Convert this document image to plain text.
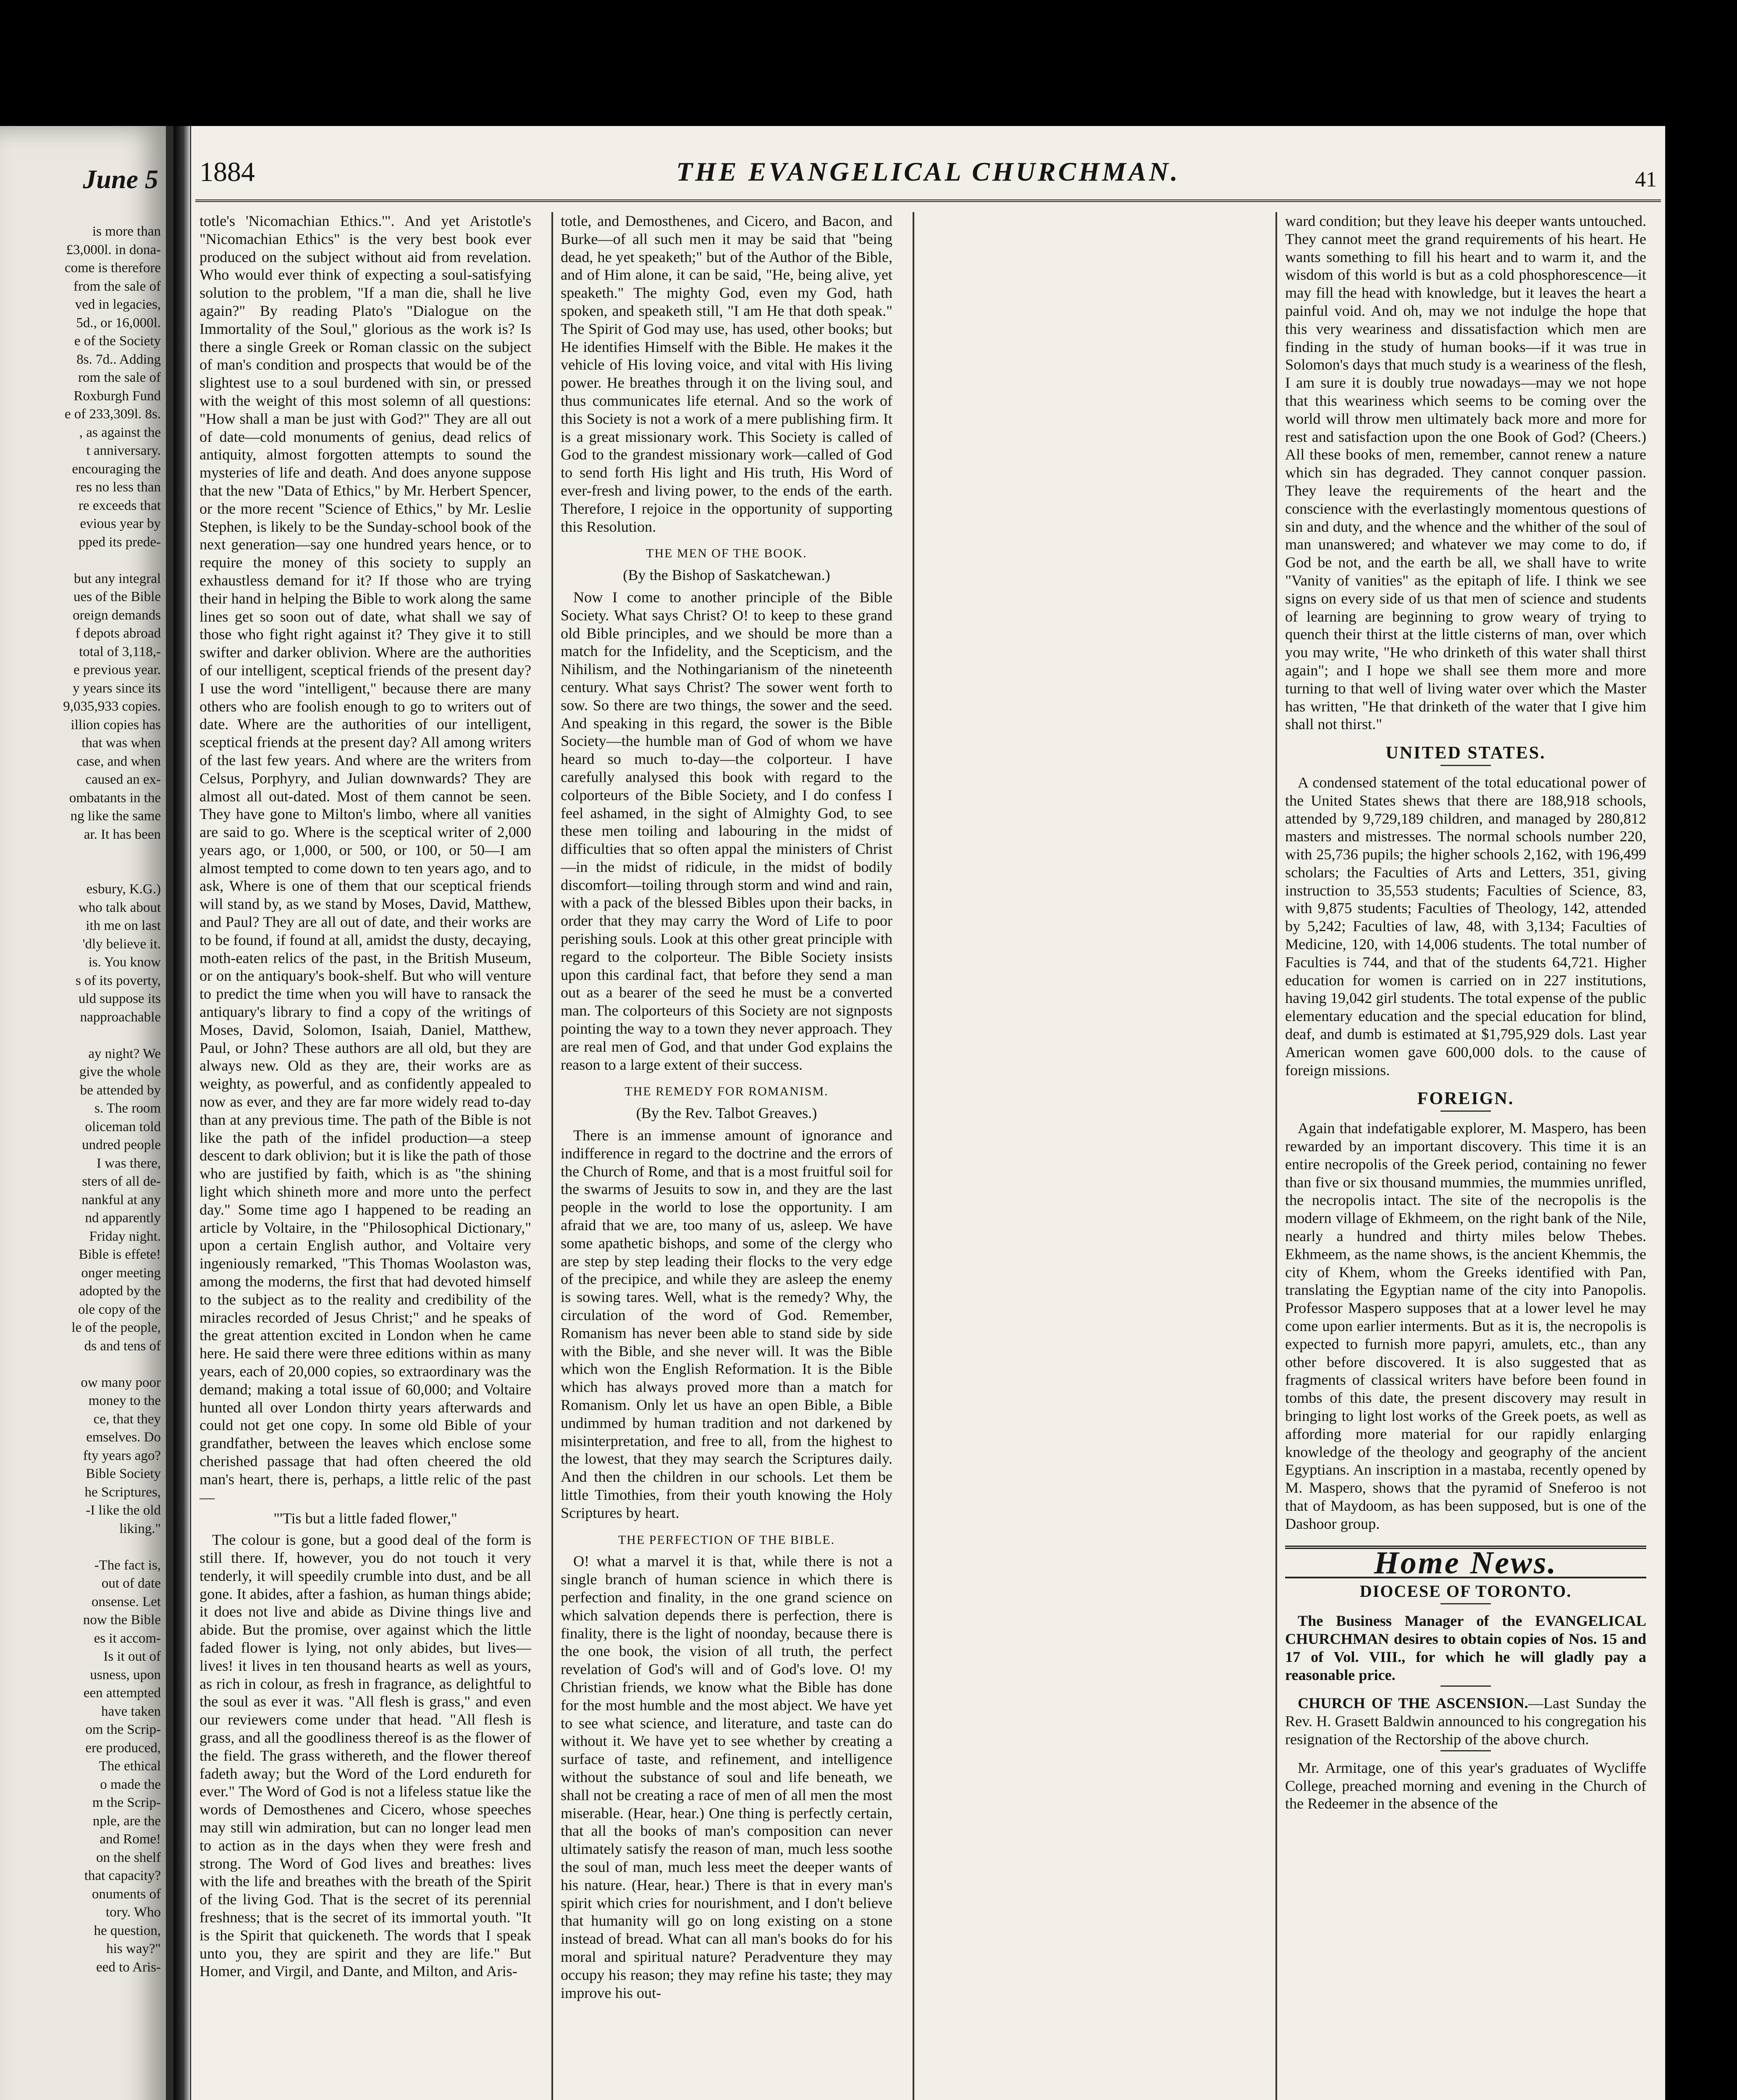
June 5
is more than
£3,000l. in dona-
come is therefore
from the sale of
ved in legacies,
5d., or 16,000l.
e of the Society
8s. 7d.. Adding
rom the sale of
Roxburgh Fund
e of 233,309l. 8s.
, as against the
t anniversary.
encouraging the
res no less than
re exceeds that
evious year by
pped its prede-

but any integral
ues of the Bible
oreign demands
f depots abroad
total of 3,118,-
e previous year.
y years since its
9,035,933 copies.
illion copies has
that was when
case, and when
caused an ex-
ombatants in the
ng like the same
ar. It has been

esbury, K.G.)
who talk about
ith me on last
'dly believe it.
is. You know
s of its poverty,
uld suppose its
napproachable

ay night? We
give the whole
be attended by
s. The room
oliceman told
undred people
I was there,
sters of all de-
nankful at any
nd apparently
Friday night.
Bible is effete!
onger meeting
adopted by the
ole copy of the
le of the people,
ds and tens of

ow many poor
money to the
ce, that they
emselves. Do
fty years ago?
Bible Society
he Scriptures,
-I like the old
liking."

-The fact is,
out of date
onsense. Let
now the Bible
es it accom-
Is it out of
usness, upon
een attempted
have taken
om the Scrip-
ere produced,
The ethical
o made the
m the Scrip-
nple, are the
and Rome!
on the shelf
that capacity?
onuments of
tory. Who
he question,
his way?"
eed to Aris-
1884	THE EVANGELICAL CHURCHMAN.	41

totle's 'Nicomachian Ethics.'". And yet Aristotle's "Nicomachian Ethics" is the very best book ever produced on the subject without aid from revelation. Who would ever think of expecting a soul-satisfying solution to the problem, "If a man die, shall he live again?" By reading Plato's "Dialogue on the Immortality of the Soul," glorious as the work is? Is there a single Greek or Roman classic on the subject of man's condition and prospects that would be of the slightest use to a soul burdened with sin, or pressed with the weight of this most solemn of all questions: "How shall a man be just with God?" They are all out of date—cold monuments of genius, dead relics of antiquity, almost forgotten attempts to sound the mysteries of life and death. And does anyone suppose that the new "Data of Ethics," by Mr. Herbert Spencer, or the more recent "Science of Ethics," by Mr. Leslie Stephen, is likely to be the Sunday-school book of the next generation—say one hundred years hence, or to require the money of this society to supply an exhaustless demand for it? If those who are trying their hand in helping the Bible to work along the same lines get so soon out of date, what shall we say of those who fight right against it? They give it to still swifter and darker oblivion. Where are the authorities of our intelligent, sceptical friends of the present day? I use the word "intelligent," because there are many others who are foolish enough to go to writers out of date. Where are the authorities of our intelligent, sceptical friends at the present day? All among writers of the last few years. And where are the writers from Celsus, Porphyry, and Julian downwards? They are almost all out-dated. Most of them cannot be seen. They have gone to Milton's limbo, where all vanities are said to go. Where is the sceptical writer of 2,000 years ago, or 1,000, or 500, or 100, or 50—I am almost tempted to come down to ten years ago, and to ask, Where is one of them that our sceptical friends will stand by, as we stand by Moses, David, Matthew, and Paul? They are all out of date, and their works are to be found, if found at all, amidst the dusty, decaying, moth-eaten relics of the past, in the British Museum, or on the antiquary's book-shelf. But who will venture to predict the time when you will have to ransack the antiquary's library to find a copy of the writings of Moses, David, Solomon, Isaiah, Daniel, Matthew, Paul, or John? These authors are all old, but they are always new. Old as they are, their works are as weighty, as powerful, and as confidently appealed to now as ever, and they are far more widely read to-day than at any previous time. The path of the Bible is not like the path of the infidel production—a steep descent to dark oblivion; but it is like the path of those who are justified by faith, which is as "the shining light which shineth more and more unto the perfect day." Some time ago I happened to be reading an article by Voltaire, in the "Philosophical Dictionary," upon a certain English author, and Voltaire very ingeniously remarked, "This Thomas Woolaston was, among the moderns, the first that had devoted himself to the subject as to the reality and credibility of the miracles recorded of Jesus Christ;" and he speaks of the great attention excited in London when he came here. He said there were three editions within as many years, each of 20,000 copies, so extraordinary was the demand; making a total issue of 60,000; and Voltaire hunted all over London thirty years afterwards and could not get one copy. In some old Bible of your grandfather, between the leaves which enclose some cherished passage that had often cheered the old man's heart, there is, perhaps, a little relic of the past—

"'Tis but a little faded flower,"

The colour is gone, but a good deal of the form is still there. If, however, you do not touch it very tenderly, it will speedily crumble into dust, and be all gone. It abides, after a fashion, as human things abide; it does not live and abide as Divine things live and abide. But the promise, over against which the little faded flower is lying, not only abides, but lives—lives! it lives in ten thousand hearts as well as yours, as rich in colour, as fresh in fragrance, as delightful to the soul as ever it was. "All flesh is grass," and even our reviewers come under that head. "All flesh is grass, and all the goodliness thereof is as the flower of the field. The grass withereth, and the flower thereof fadeth away; but the Word of the Lord endureth for ever." The Word of God is not a lifeless statue like the words of Demosthenes and Cicero, whose speeches may still win admiration, but can no longer lead men to action as in the days when they were fresh and strong. The Word of God lives and breathes: lives with the life and breathes with the breath of the Spirit of the living God. That is the secret of its perennial freshness; that is the secret of its immortal youth. "It is the Spirit that quickeneth. The words that I speak unto you, they are spirit and they are life." But Homer, and Virgil, and Dante, and Milton, and Aris-

totle, and Demosthenes, and Cicero, and Bacon, and Burke—of all such men it may be said that "being dead, he yet speaketh;" but of the Author of the Bible, and of Him alone, it can be said, "He, being alive, yet speaketh." The mighty God, even my God, hath spoken, and speaketh still, "I am He that doth speak." The Spirit of God may use, has used, other books; but He identifies Himself with the Bible. He makes it the vehicle of His loving voice, and vital with His living power. He breathes through it on the living soul, and thus communicates life eternal. And so the work of this Society is not a work of a mere publishing firm. It is a great missionary work. This Society is called of God to the grandest missionary work—called of God to send forth His light and His truth, His Word of ever-fresh and living power, to the ends of the earth. Therefore, I rejoice in the opportunity of supporting this Resolution.

THE MEN OF THE BOOK.
(By the Bishop of Saskatchewan.)

Now I come to another principle of the Bible Society. What says Christ? O! to keep to these grand old Bible principles, and we should be more than a match for the Infidelity, and the Scepticism, and the Nihilism, and the Nothingarianism of the nineteenth century. What says Christ? The sower went forth to sow. So there are two things, the sower and the seed. And speaking in this regard, the sower is the Bible Society—the humble man of God of whom we have heard so much to-day—the colporteur. I have carefully analysed this book with regard to the colporteurs of the Bible Society, and I do confess I feel ashamed, in the sight of Almighty God, to see these men toiling and labouring in the midst of difficulties that so often appal the ministers of Christ—in the midst of ridicule, in the midst of bodily discomfort—toiling through storm and wind and rain, with a pack of the blessed Bibles upon their backs, in order that they may carry the Word of Life to poor perishing souls. Look at this other great principle with regard to the colporteur. The Bible Society insists upon this cardinal fact, that before they send a man out as a bearer of the seed he must be a converted man. The colporteurs of this Society are not signposts pointing the way to a town they never approach. They are real men of God, and that under God explains the reason to a large extent of their success.

THE REMEDY FOR ROMANISM.
(By the Rev. Talbot Greaves.)

There is an immense amount of ignorance and indifference in regard to the doctrine and the errors of the Church of Rome, and that is a most fruitful soil for the swarms of Jesuits to sow in, and they are the last people in the world to lose the opportunity. I am afraid that we are, too many of us, asleep. We have some apathetic bishops, and some of the clergy who are step by step leading their flocks to the very edge of the precipice, and while they are asleep the enemy is sowing tares. Well, what is the remedy? Why, the circulation of the word of God. Remember, Romanism has never been able to stand side by side with the Bible, and she never will. It was the Bible which won the English Reformation. It is the Bible which has always proved more than a match for Romanism. Only let us have an open Bible, a Bible undimmed by human tradition and not darkened by misinterpretation, and free to all, from the highest to the lowest, that they may search the Scriptures daily. And then the children in our schools. Let them be little Timothies, from their youth knowing the Holy Scriptures by heart.

THE PERFECTION OF THE BIBLE.

O! what a marvel it is that, while there is not a single branch of human science in which there is perfection and finality, in the one grand science on which salvation depends there is perfection, there is finality, there is the light of noonday, because there is the one book, the vision of all truth, the perfect revelation of God's will and of God's love. O! my Christian friends, we know what the Bible has done for the most humble and the most abject. We have yet to see what science, and literature, and taste can do without it. We have yet to see whether by creating a surface of taste, and refinement, and intelligence without the substance of soul and life beneath, we shall not be creating a race of men of all men the most miserable. (Hear, hear.) One thing is perfectly certain, that all the books of man's composition can never ultimately satisfy the reason of man, much less soothe the soul of man, much less meet the deeper wants of his nature. (Hear, hear.) There is that in every man's spirit which cries for nourishment, and I don't believe that humanity will go on long existing on a stone instead of bread. What can all man's books do for his moral and spiritual nature? Peradventure they may occupy his reason; they may refine his taste; they may improve his out-

ward condition; but they leave his deeper wants untouched. They cannot meet the grand requirements of his heart. He wants something to fill his heart and to warm it, and the wisdom of this world is but as a cold phosphorescence—it may fill the head with knowledge, but it leaves the heart a painful void. And oh, may we not indulge the hope that this very weariness and dissatisfaction which men are finding in the study of human books—if it was true in Solomon's days that much study is a weariness of the flesh, I am sure it is doubly true nowadays—may we not hope that this weariness which seems to be coming over the world will throw men ultimately back more and more for rest and satisfaction upon the one Book of God? (Cheers.) All these books of men, remember, cannot renew a nature which sin has degraded. They cannot conquer passion. They leave the requirements of the heart and the conscience with the everlastingly momentous questions of sin and duty, and the whence and the whither of the soul of man unanswered; and whatever we may come to do, if God be not, and the earth be all, we shall have to write "Vanity of vanities" as the epitaph of life. I think we see signs on every side of us that men of science and students of learning are beginning to grow weary of trying to quench their thirst at the little cisterns of man, over which you may write, "He who drinketh of this water shall thirst again"; and I hope we shall see them more and more turning to that well of living water over which the Master has written, "He that drinketh of the water that I give him shall not thirst."

UNITED STATES.

A condensed statement of the total educational power of the United States shews that there are 188,918 schools, attended by 9,729,189 children, and managed by 280,812 masters and mistresses. The normal schools number 220, with 25,736 pupils; the higher schools 2,162, with 196,499 scholars; the Faculties of Arts and Letters, 351, giving instruction to 35,553 students; Faculties of Science, 83, with 9,875 students; Faculties of Theology, 142, attended by 5,242; Faculties of law, 48, with 3,134; Faculties of Medicine, 120, with 14,006 students. The total number of Faculties is 744, and that of the students 64,721. Higher education for women is carried on in 227 institutions, having 19,042 girl students. The total expense of the public elementary education and the special education for blind, deaf, and dumb is estimated at $1,795,929 dols. Last year American women gave 600,000 dols. to the cause of foreign missions.

FOREIGN.

Again that indefatigable explorer, M. Maspero, has been rewarded by an important discovery. This time it is an entire necropolis of the Greek period, containing no fewer than five or six thousand mummies, the mummies unrifled, the necropolis intact. The site of the necropolis is the modern village of Ekhmeem, on the right bank of the Nile, nearly a hundred and thirty miles below Thebes. Ekhmeem, as the name shows, is the ancient Khemmis, the city of Khem, whom the Greeks identified with Pan, translating the Egyptian name of the city into Panopolis. Professor Maspero supposes that at a lower level he may come upon earlier interments. But as it is, the necropolis is expected to furnish more papyri, amulets, etc., than any other before discovered. It is also suggested that as fragments of classical writers have before been found in tombs of this date, the present discovery may result in bringing to light lost works of the Greek poets, as well as affording more material for our rapidly enlarging knowledge of the theology and geography of the ancient Egyptians. An inscription in a mastaba, recently opened by M. Maspero, shows that the pyramid of Sneferoo is not that of Maydoom, as has been supposed, but is one of the Dashoor group.

Home News.
DIOCESE OF TORONTO.

The Business Manager of the EVANGELICAL CHURCHMAN desires to obtain copies of Nos. 15 and 17 of Vol. VIII., for which he will gladly pay a reasonable price.

CHURCH OF THE ASCENSION.—Last Sunday the Rev. H. Grasett Baldwin announced to his congregation his resignation of the Rectorship of the above church.

Mr. Armitage, one of this year's graduates of Wycliffe College, preached morning and evening in the Church of the Redeemer in the absence of the
